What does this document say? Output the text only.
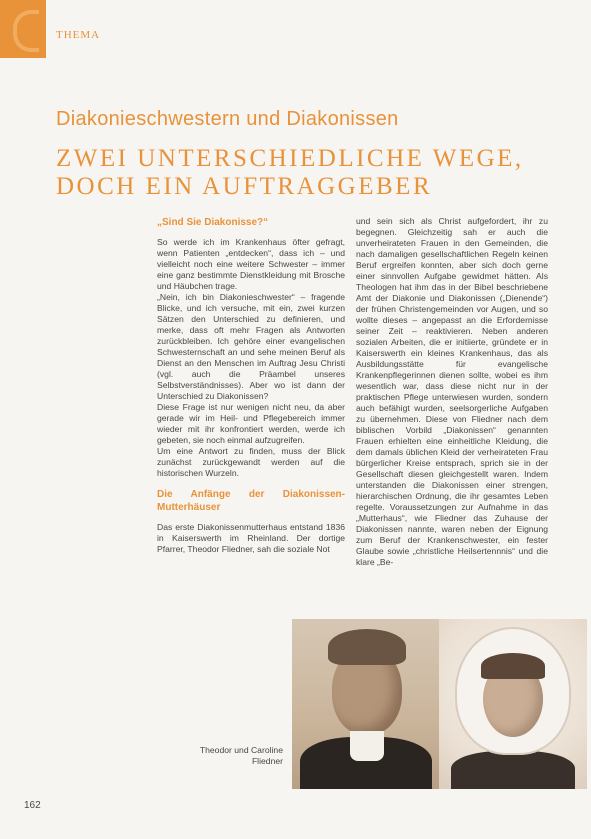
THEMA
Diakonieschwestern und Diakonissen
ZWEI UNTERSCHIEDLICHE WEGE,
DOCH EIN AUFTRAGGEBER
„Sind Sie Diakonisse?“

So werde ich im Krankenhaus öfter gefragt, wenn Patienten „entdecken“, dass ich – und vielleicht noch eine weitere Schwester – immer eine ganz bestimmte Dienstkleidung mit Brosche und Häubchen trage.

„Nein, ich bin Diakonieschwester“ – fragende Blicke, und ich versuche, mit ein, zwei kurzen Sätzen den Unterschied zu definieren, und merke, dass oft mehr Fragen als Antworten zurückbleiben. Ich gehöre einer evangelischen Schwesternschaft an und sehe meinen Beruf als Dienst an den Menschen im Auftrag Jesu Christi (vgl. auch die Präambel unseres Selbstverständnisses). Aber wo ist dann der Unterschied zu Diakonissen?

Diese Frage ist nur wenigen nicht neu, da aber gerade wir im Heil- und Pflegebereich immer wieder mit ihr konfrontiert werden, werde ich gebeten, sie noch einmal aufzugreifen.

Um eine Antwort zu finden, muss der Blick zunächst zurückgewandt werden auf die historischen Wurzeln.

Die Anfänge der Diakonissen-Mutterhäuser

Das erste Diakonissenmutterhaus entstand 1836 in Kaiserswerth im Rheinland. Der dortige Pfarrer, Theodor Fliedner, sah die soziale Not

und sein sich als Christ aufgefordert, ihr zu begegnen. Gleichzeitig sah er auch die unverheirateten Frauen in den Gemeinden, die nach damaligen gesellschaftlichen Regeln keinen Beruf ergreifen konnten, aber sich doch gerne einer sinnvollen Aufgabe gewidmet hätten. Als Theologen hat ihm das in der Bibel beschriebene Amt der Diakonie und Diakonissen („Dienende“) der frühen Christengemeinden vor Augen, und so wollte dieses – angepasst an die Erfordernisse seiner Zeit – reaktivieren. Neben anderen sozialen Arbeiten, die er initiierte, gründete er in Kaiserswerth ein kleines Krankenhaus, das als Ausbildungsstätte für evangelische Krankenpflegerinnen dienen sollte, wobei es ihm wesentlich war, dass diese nicht nur in der praktischen Pflege unterwiesen wurden, sondern auch befähigt wurden, seelsorgerliche Aufgaben zu übernehmen. Diese von Fliedner nach dem biblischen Vorbild „Diakonissen“ genannten Frauen erhielten eine einheitliche Kleidung, die dem damals üblichen Kleid der verheirateten Frau bürgerlicher Kreise entsprach, sprich sie in der Gesellschaft diesen gleichgestellt waren. Indem unterstanden die Diakonissen einer strengen, hierarchischen Ordnung, die ihr gesamtes Leben regelte. Voraussetzungen zur Aufnahme in das „Mutterhaus“, wie Fliedner das Zuhause der Diakonissen nannte, waren neben der Eignung zum Beruf der Krankenschwester, ein fester Glaube sowie „christliche Heilsertennnis“ und die klare „Be-

Theodor und Caroline Fliedner
162
